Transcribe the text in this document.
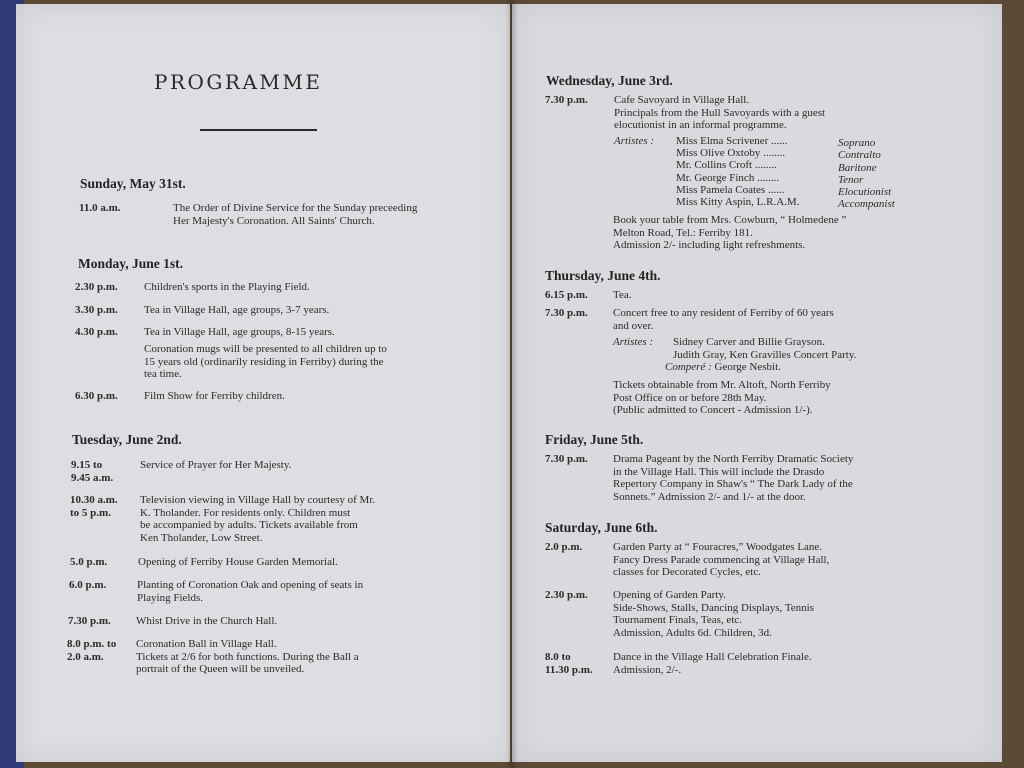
PROGRAMME
Sunday, May 31st.
11.0 a.m.	The Order of Divine Service for the Sunday preceeding
Her Majesty's Coronation. All Saints' Church.
Monday, June 1st.
2.30 p.m. Children's sports in the Playing Field.
3.30 p.m. Tea in Village Hall, age groups, 3-7 years.
4.30 p.m. Tea in Village Hall, age groups, 8-15 years.
Coronation mugs will be presented to all children up to
15 years old (ordinarily residing in Ferriby) during the
tea time.
6.30 p.m. Film Show for Ferriby children.
Tuesday, June 2nd.
9.15 to
9.45 a.m.
Service of Prayer for Her Majesty.
10.30 a.m.
to 5 p.m.
Television viewing in Village Hall by courtesy of Mr.
K. Tholander. For residents only. Children must
be accompanied by adults. Tickets available from
Ken Tholander, Low Street.
5.0 p.m.	Opening of Ferriby House Garden Memorial.
6.0 p.m.	Planting of Coronation Oak and opening of seats in
Playing Fields.
7.30 p.m. Whist Drive in the Church Hall.
8.0 p.m. to
2.0 a.m.
Coronation Ball in Village Hall.
Tickets at 2/6 for both functions. During the Ball a
portrait of the Queen will be unveiled.
Wednesday, June 3rd.
7.30 p.m. Cafe Savoyard in Village Hall.
Principals from the Hull Savoyards with a guest
elocutionist in an informal programme.
Artistes : Miss Elma Scrivener ......	Soprano
Miss Olive Oxtoby ........	Contralto
Mr. Collins Croft ........	Baritone
Mr. George Finch ........	Tenor
Miss Pamela Coates ......	Elocutionist
Miss Kitty Aspin, L.R.A.M.	Accompanist
Book your table from Mrs. Cowburn, “ Holmedene ”
Melton Road, Tel.: Ferriby 181.
Admission 2/- including light refreshments.
Thursday, June 4th.
6.15 p.m. Tea.
7.30 p.m. Concert free to any resident of Ferriby of 60 years
and over.
Artistes : Sidney Carver and Billie Grayson.
Judith Gray, Ken Gravilles Concert Party.
Comperé : George Nesbit.
Tickets obtainable from Mr. Altoft, North Ferriby
Post Office on or before 28th May.
(Public admitted to Concert - Admission 1/-).
Friday, June 5th.
7.30 p.m. Drama Pageant by the North Ferriby Dramatic Society
in the Village Hall. This will include the Drasdo
Repertory Company in Shaw's “ The Dark Lady of the
Sonnets.” Admission 2/- and 1/- at the door.
Saturday, June 6th.
2.0 p.m.	Garden Party at “ Fouracres,” Woodgates Lane.
Fancy Dress Parade commencing at Village Hall,
classes for Decorated Cycles, etc.
2.30 p.m. Opening of Garden Party.
Side-Shows, Stalls, Dancing Displays, Tennis
Tournament Finals, Teas, etc.
Admission, Adults 6d. Children, 3d.
8.0 to
11.30 p.m.
Dance in the Village Hall Celebration Finale.
Admission, 2/-.
